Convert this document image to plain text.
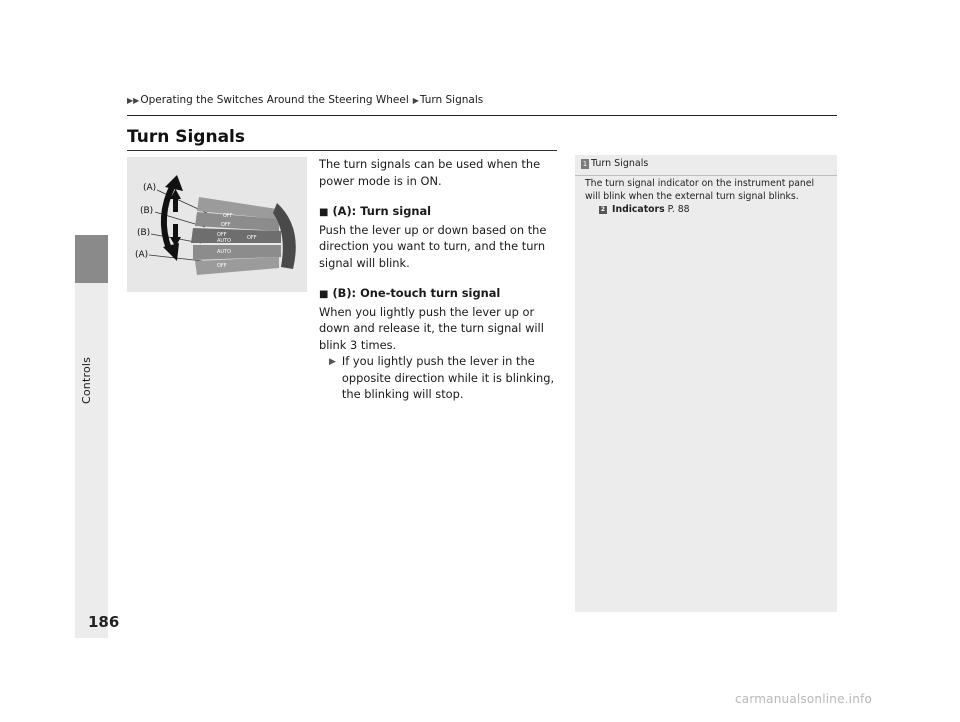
Controls
▶▶ Operating the Switches Around the Steering Wheel ▶ Turn Signals
Turn Signals
OFF
OFF
OFF
AUTO	OFF
AUTO
OFF
(A)
(B)
(B)
(A)

The turn signals can be used when the power mode is in ON.

■ (A): Turn signal

Push the lever up or down based on the direction you want to turn, and the turn signal will blink.

■ (B): One-touch turn signal

When you lightly push the lever up or down and release it, the turn signal will blink 3 times.

▶ If you lightly push the lever in the opposite direction while it is blinking, the blinking will stop.
1 Turn Signals

The turn signal indicator on the instrument panel will blink when the external turn signal blinks.

2 Indicators P. 88

186
carmanualsonline.info
